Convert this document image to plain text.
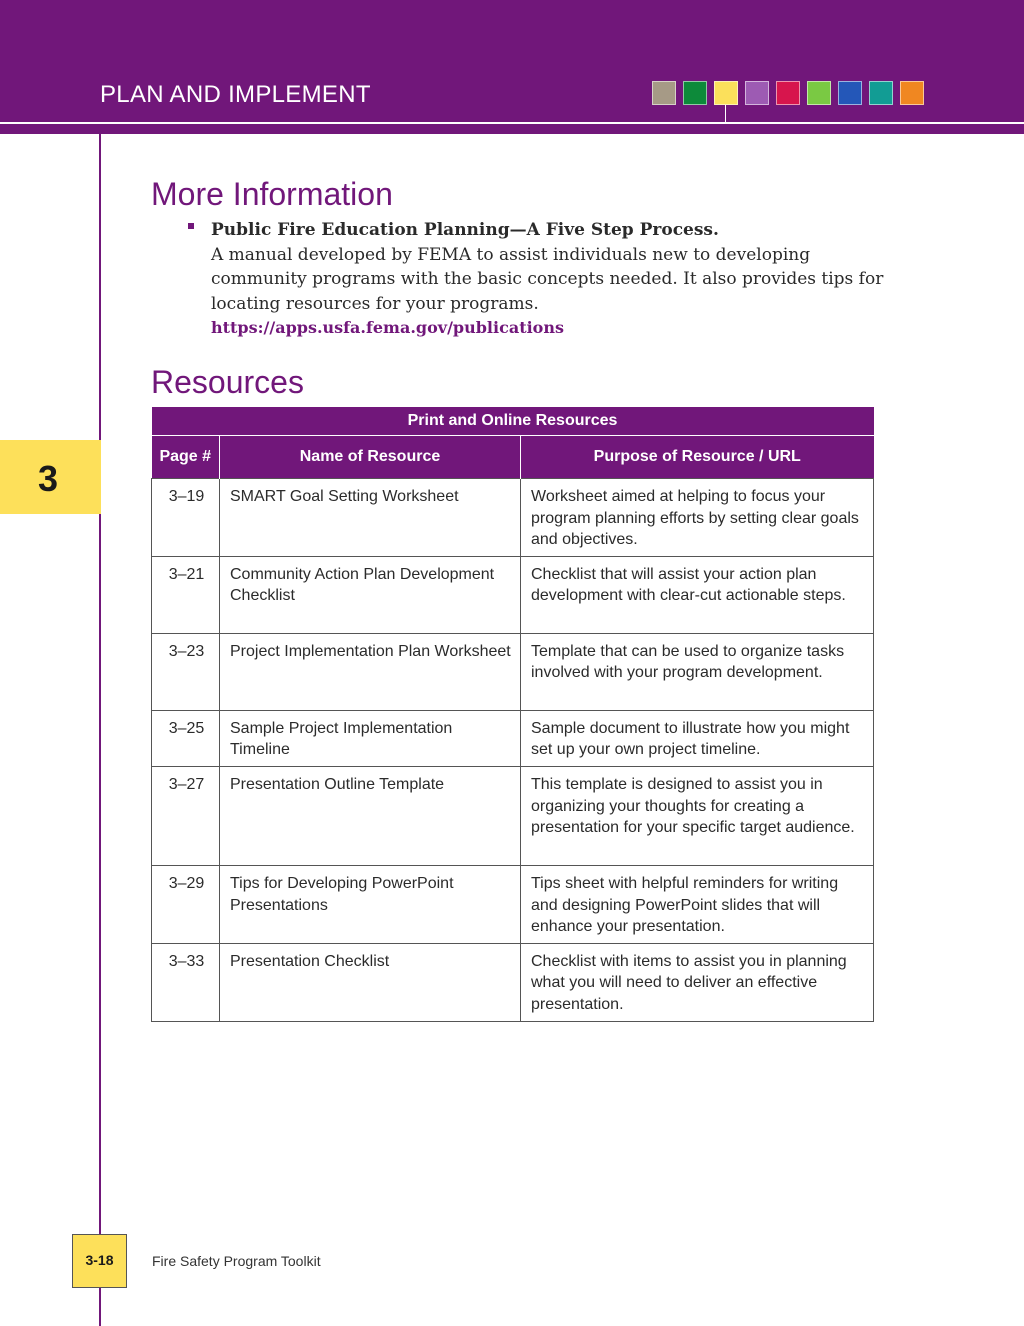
PLAN AND IMPLEMENT
3
More Information
Public Fire Education Planning—A Five Step Process.
A manual developed by FEMA to assist individuals new to developing community programs with the basic concepts needed. It also provides tips for locating resources for your programs.
https://apps.usfa.fema.gov/publications
Resources
Print and Online Resources		
Page #	Name of Resource	Purpose of Resource / URL
3–19	SMART Goal Setting Worksheet	Worksheet aimed at helping to focus your program planning efforts by setting clear goals and objectives.
3–21	Community Action Plan Development Checklist	Checklist that will assist your action plan development with clear-cut actionable steps.
3–23	Project Implementation Plan Worksheet	Template that can be used to organize tasks involved with your program development.
3–25	Sample Project Implementation Timeline	Sample document to illustrate how you might set up your own project timeline.
3–27	Presentation Outline Template	This template is designed to assist you in organizing your thoughts for creating a presentation for your specific target audience.
3–29	Tips for Developing PowerPoint Presentations	Tips sheet with helpful reminders for writing and designing PowerPoint slides that will enhance your presentation.
3–33	Presentation Checklist	Checklist with items to assist you in planning what you will need to deliver an effective presentation.
3-18	Fire Safety Program Toolkit
